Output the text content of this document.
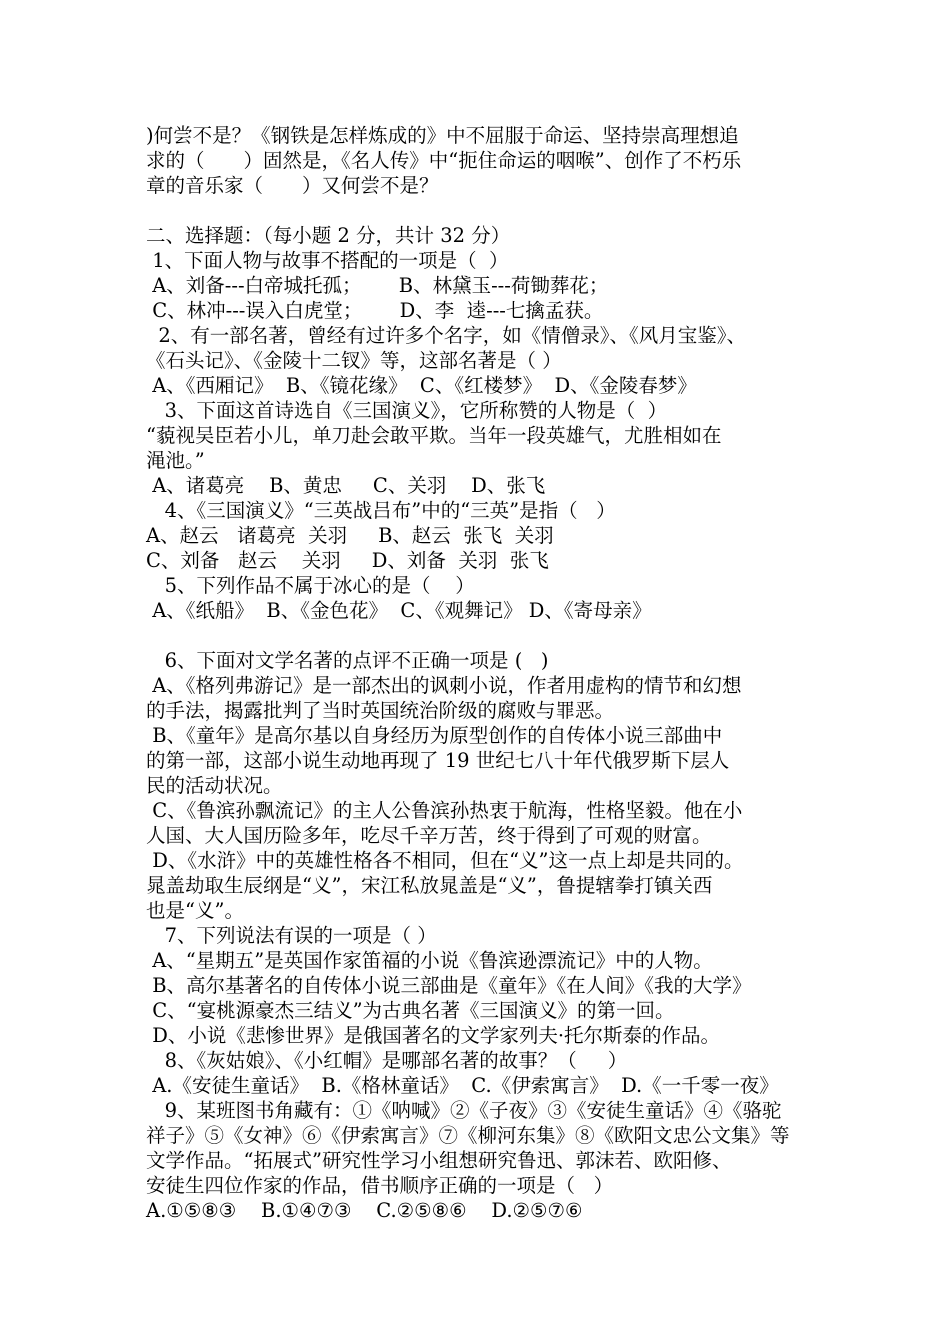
)何尝不是？《钢铁是怎样炼成的》中不屈服于命运、坚持崇高理想追
求的（　　）固然是，《名人传》中“扼住命运的咽喉”、创作了不朽乐
章的音乐家（　　）又何尝不是？
二、选择题：（每小题 2 分，共计 32 分）
1、下面人物与故事不搭配的一项是（  ）
A、刘备---白帝城托孤；      B、林黛玉---荷锄葬花；
C、林冲---误入白虎堂；      D、李  逵---七擒孟获。
2、有一部名著，曾经有过许多个名字，如《情僧录》、《风月宝鉴》、
《石头记》、《金陵十二钗》等，这部名著是（ ）
A、《西厢记》  B、《镜花缘》  C、《红楼梦》  D、《金陵春梦》
3、下面这首诗选自《三国演义》，它所称赞的人物是（  ）
“藐视吴臣若小儿，单刀赴会敢平欺。当年一段英雄气，尤胜相如在
渑池。”
A、诸葛亮    B、黄忠     C、关羽    D、张飞
4、《三国演义》“三英战吕布”中的“三英”是指（   ）
A、赵云   诸葛亮  关羽     B、赵云  张飞  关羽
C、刘备   赵云    关羽     D、刘备  关羽  张飞
5、下列作品不属于冰心的是（    ）
A、《纸船》  B、《金色花》  C、《观舞记》 D、《寄母亲》
6、下面对文学名著的点评不正确一项是 (   )
A、《格列弗游记》是一部杰出的讽刺小说，作者用虚构的情节和幻想
的手法，揭露批判了当时英国统治阶级的腐败与罪恶。
B、《童年》是高尔基以自身经历为原型创作的自传体小说三部曲中
的第一部，这部小说生动地再现了 19 世纪七八十年代俄罗斯下层人
民的活动状况。
C、《鲁滨孙飘流记》的主人公鲁滨孙热衷于航海，性格坚毅。他在小
人国、大人国历险多年，吃尽千辛万苦，终于得到了可观的财富。
D、《水浒》中的英雄性格各不相同，但在“义”这一点上却是共同的。
晁盖劫取生辰纲是“义”，宋江私放晁盖是“义”，鲁提辖拳打镇关西
也是“义”。
7、下列说法有误的一项是（ ）
A、“星期五”是英国作家笛福的小说《鲁滨逊漂流记》中的人物。
B、高尔基著名的自传体小说三部曲是《童年》《在人间》《我的大学》
C、“宴桃源豪杰三结义”为古典名著《三国演义》的第一回。
D、小说《悲惨世界》是俄国著名的文学家列夫·托尔斯泰的作品。
8、《灰姑娘》、《小红帽》是哪部名著的故事？（     ）
A.《安徒生童话》  B.《格林童话》  C.《伊索寓言》  D.《一千零一夜》
9、某班图书角藏有：①《呐喊》②《子夜》③《安徒生童话》④《骆驼
祥子》⑤《女神》⑥《伊索寓言》⑦《柳河东集》⑧《欧阳文忠公文集》等
文学作品。“拓展式”研究性学习小组想研究鲁迅、郭沫若、欧阳修、
安徒生四位作家的作品，借书顺序正确的一项是（   ）
A.①⑤⑧③    B.①④⑦③    C.②⑤⑧⑥    D.②⑤⑦⑥
